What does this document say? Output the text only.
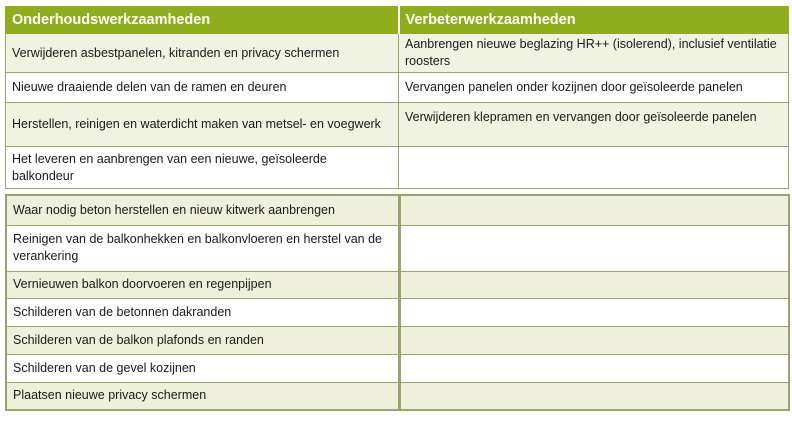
Onderhoudswerkzaamheden	Verbeterwerkzaamheden
Verwijderen asbestpanelen, kitranden en privacy schermen	Aanbrengen nieuwe beglazing HR++ (isolerend), inclusief ventilatie roosters
Nieuwe draaiende delen van de ramen en deuren	Vervangen panelen onder kozijnen door geïsoleerde panelen
Herstellen, reinigen en waterdicht maken van metsel- en voegwerk	Verwijderen klepramen en vervangen door geïsoleerde panelen
Het leveren en aanbrengen van een nieuwe, geïsoleerde balkondeur	
Waar nodig beton herstellen en nieuw kitwerk aanbrengen	
Reinigen van de balkonhekken en balkonvloeren en herstel van de verankering	
Vernieuwen balkon doorvoeren en regenpijpen	
Schilderen van de betonnen dakranden	
Schilderen van de balkon plafonds en randen	
Schilderen van de gevel kozijnen	
Plaatsen nieuwe privacy schermen	
